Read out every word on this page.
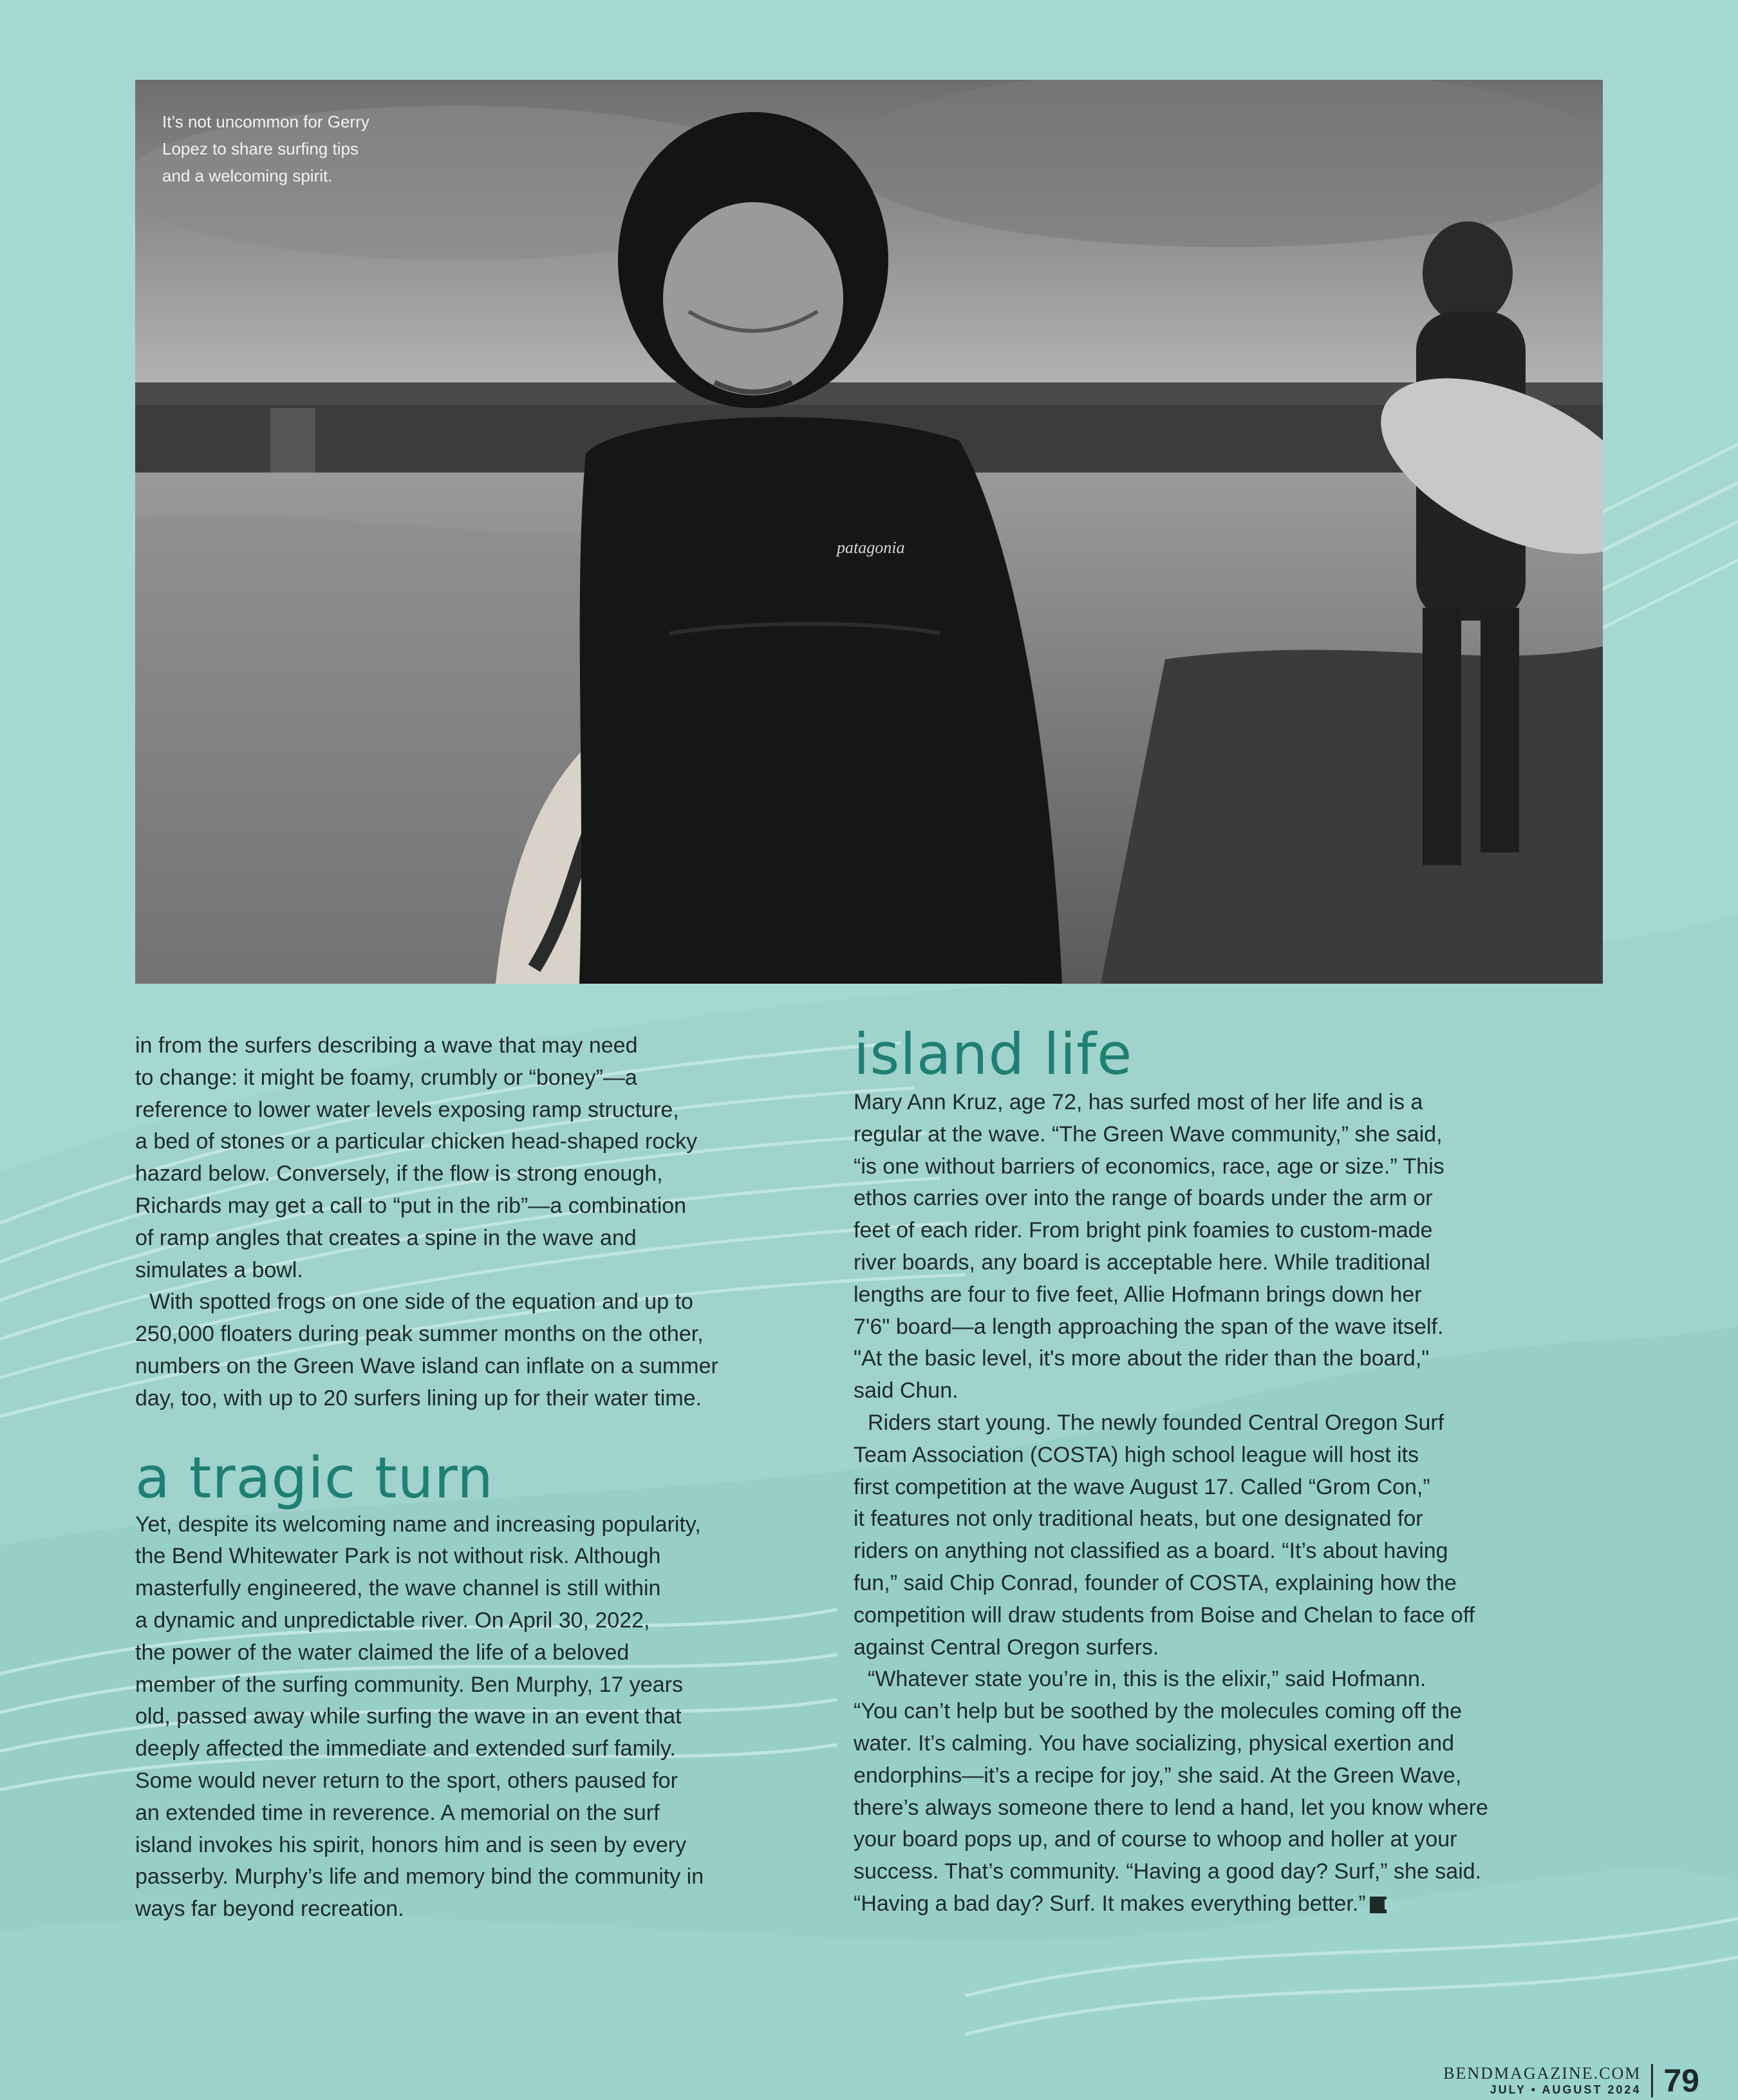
patagonia
It’s not uncommon for Gerry
Lopez to share surfing tips
and a welcoming spirit.

in from the surfers describing a wave that may need
to change: it might be foamy, crumbly or “boney”—a
reference to lower water levels exposing ramp structure,
a bed of stones or a particular chicken head-shaped rocky
hazard below. Conversely, if the flow is strong enough,
Richards may get a call to “put in the rib”—a combination
of ramp angles that creates a spine in the wave and
simulates a bowl.

With spotted frogs on one side of the equation and up to
250,000 floaters during peak summer months on the other,
numbers on the Green Wave island can inflate on a summer
day, too, with up to 20 surfers lining up for their water time.

a tragic turn

Yet, despite its welcoming name and increasing popularity,
the Bend Whitewater Park is not without risk. Although
masterfully engineered, the wave channel is still within
a dynamic and unpredictable river. On April 30, 2022,
the power of the water claimed the life of a beloved
member of the surfing community. Ben Murphy, 17 years
old, passed away while surfing the wave in an event that
deeply affected the immediate and extended surf family.
Some would never return to the sport, others paused for
an extended time in reverence. A memorial on the surf
island invokes his spirit, honors him and is seen by every
passerby. Murphy’s life and memory bind the community in
ways far beyond recreation.

island life

Mary Ann Kruz, age 72, has surfed most of her life and is a
regular at the wave. “The Green Wave community,” she said,
“is one without barriers of economics, race, age or size.” This
ethos carries over into the range of boards under the arm or
feet of each rider. From bright pink foamies to custom-made
river boards, any board is acceptable here. While traditional
lengths are four to five feet, Allie Hofmann brings down her
7'6" board—a length approaching the span of the wave itself.
"At the basic level, it's more about the rider than the board,"
said Chun.

Riders start young. The newly founded Central Oregon Surf
Team Association (COSTA) high school league will host its
first competition at the wave August 17. Called “Grom Con,”
it features not only traditional heats, but one designated for
riders on anything not classified as a board. “It’s about having
fun,” said Chip Conrad, founder of COSTA, explaining how the
competition will draw students from Boise and Chelan to face off
against Central Oregon surfers.

“Whatever state you’re in, this is the elixir,” said Hofmann.
“You can’t help but be soothed by the molecules coming off the
water. It’s calming. You have socializing, physical exertion and
endorphins—it’s a recipe for joy,” she said. At the Green Wave,
there’s always someone there to lend a hand, let you know where
your board pops up, and of course to whoop and holler at your
success. That’s community. “Having a good day? Surf,” she said.
“Having a bad day? Surf. It makes everything better.” B

BENDMAGAZINE.COM
JULY • AUGUST 2024 79
